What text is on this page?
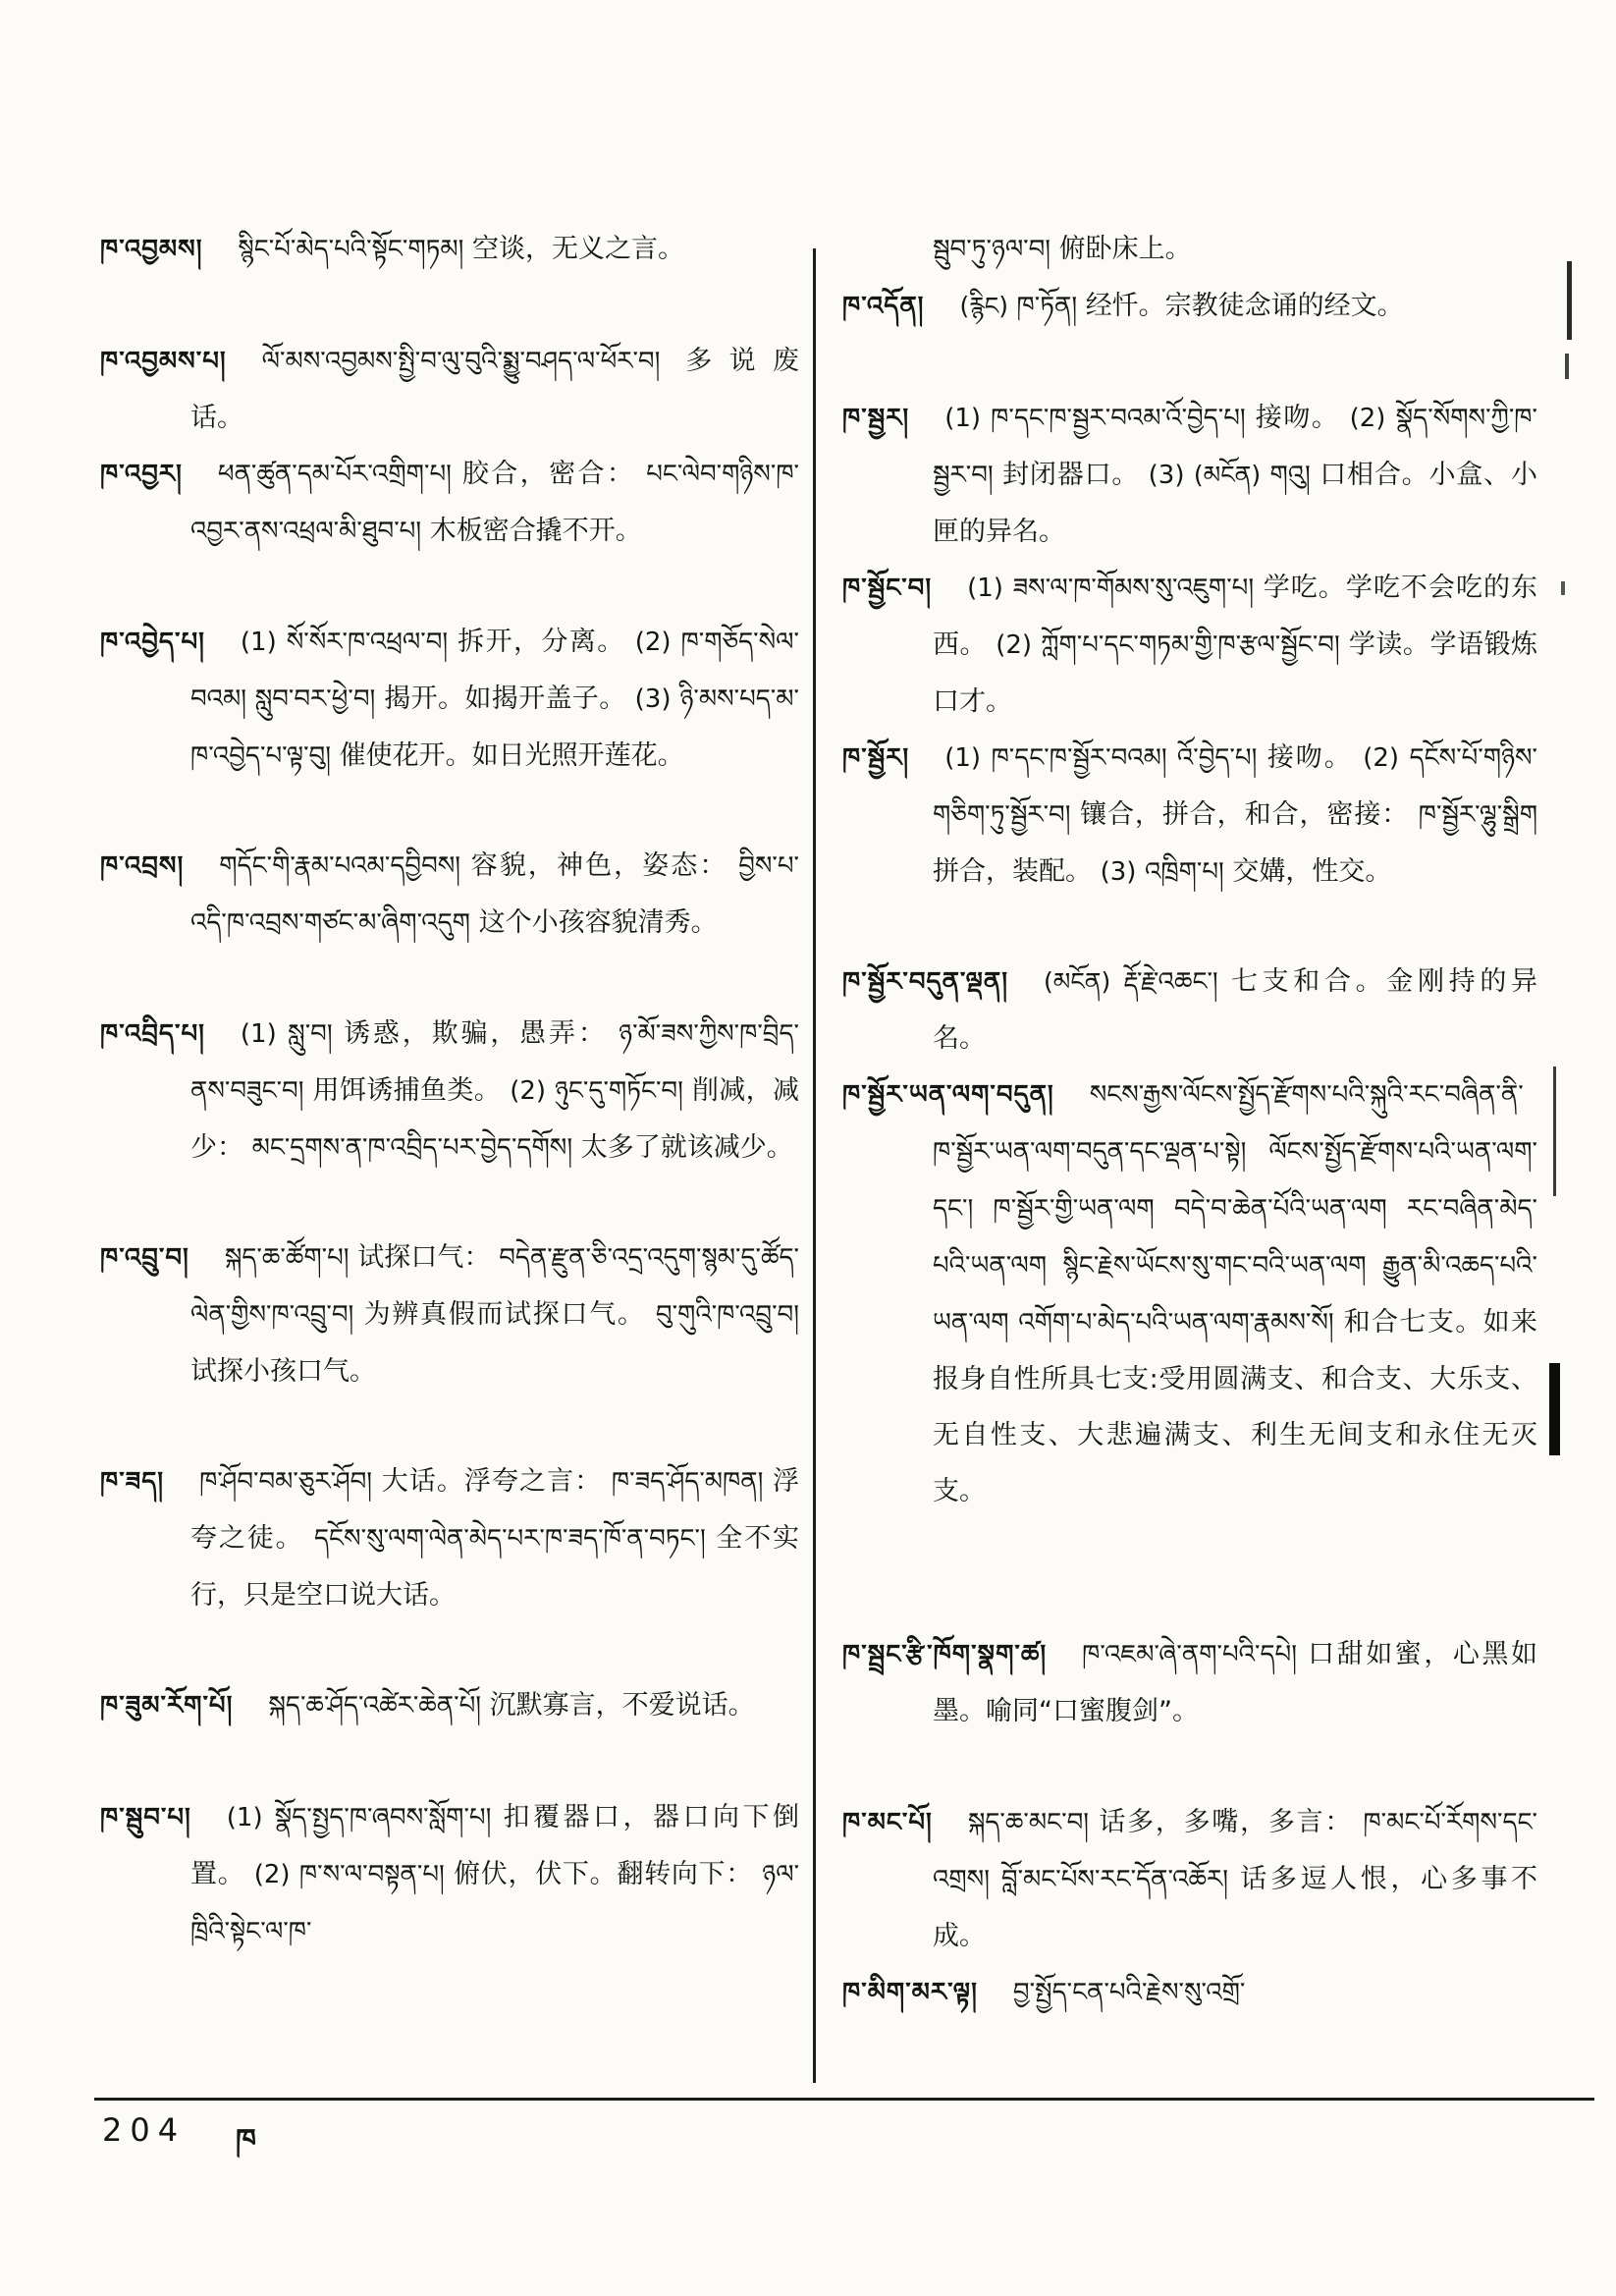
ཁ་འབྱམས། སྙིང་པོ་མེད་པའི་སྟོང་གཏམ། 空谈，无义之言。

ཁ་འབྱམས་པ། ལོ་མས་འབྱམས་སྤྱི་བ་ལུ་བུའི་སྨྱུ་བཤད་ལ་ཕོར་བ། 多说废话。

ཁ་འབྱར། ཕན་ཚུན་དམ་པོར་འགྲིག་པ། 胶合，密合： པང་ལེབ་གཉིས་ཁ་འབྱར་ནས་འཕྲལ་མི་ཐུབ་པ། 木板密合撬不开。

ཁ་འབྱེད་པ། (1) སོ་སོར་ཁ་འཕྲལ་བ། 拆开，分离。 (2) ཁ་གཅོད་སེལ་བའམ། སླུབ་བར་ཕྱེ་བ། 揭开。如揭开盖子。 (3) ཉི་མས་པད་མ་ཁ་འབྱེད་པ་ལྟ་བུ། 催使花开。如日光照开莲花。

ཁ་འབྲས། གདོང་གི་རྣམ་པའམ་དབྱིབས། 容貌，神色，姿态： བྱིས་པ་འདི་ཁ་འབྲས་གཙང་མ་ཞིག་འདུག 这个小孩容貌清秀。

ཁ་འབྲིད་པ། (1) སླུ་བ། 诱惑，欺骗，愚弄： ཉ་མོ་ཟས་ཀྱིས་ཁ་བྲིད་ནས་བཟུང་བ། 用饵诱捕鱼类。 (2) ཉུང་དུ་གཏོང་བ། 削减，减少： མང་དྲགས་ན་ཁ་འབྲིད་པར་བྱེད་དགོས། 太多了就该减少。

ཁ་འབྲུ་བ། སྐད་ཆ་ཚོག་པ། 试探口气： བདེན་རྫུན་ཅི་འདྲ་འདུག་སྙམ་དུ་ཚོད་ལེན་གྱིས་ཁ་འབྲུ་བ། 为辨真假而试探口气。 བུ་གུའི་ཁ་འབྲུ་བ། 试探小孩口气。

ཁ་ཟད། ཁ་ཤོབ་བམ་ཅུར་ཤོབ། 大话。浮夸之言： ཁ་ཟད་ཤོད་མཁན། 浮夸之徒。 དངོས་སུ་ལག་ལེན་མེད་པར་ཁ་ཟད་ཁོ་ན་བཏང་། 全不实行，只是空口说大话。

ཁ་ཟུམ་རོག་པོ། སྐད་ཆ་ཤོད་འཚེར་ཆེན་པོ། 沉默寡言，不爱说话。

ཁ་སྦུབ་པ། (1) སྣོད་སྤྱད་ཁ་ཞབས་སློག་པ། 扣覆器口，器口向下倒置。 (2) ཁ་ས་ལ་བསྟན་པ། 俯伏，伏下。翻转向下： ཉལ་ཁྲིའི་སྟེང་ལ་ཁ་

སྦུབ་ཏུ་ཉལ་བ། 俯卧床上。

ཁ་འདོན། (རྙིང) ཁ་ཏོན། 经忏。宗教徒念诵的经文。

ཁ་སྦྱར། (1) ཁ་དང་ཁ་སྦྱར་བའམ་འོ་བྱེད་པ། 接吻。 (2) སྣོད་སོགས་ཀྱི་ཁ་སྦྱར་བ། 封闭器口。 (3) (མངོན) གའུ། 口相合。小盒、小匣的异名。

ཁ་སྦྱོང་བ། (1) ཟས་ལ་ཁ་གོམས་སུ་འཇུག་པ། 学吃。学吃不会吃的东西。 (2) ཀློག་པ་དང་གཏམ་གྱི་ཁ་རྩལ་སྦྱོང་བ། 学读。学语锻炼口才。

ཁ་སྦྱོར། (1) ཁ་དང་ཁ་སྦྱོར་བའམ། འོ་བྱེད་པ། 接吻。 (2) དངོས་པོ་གཉིས་གཅིག་ཏུ་སྦྱོར་བ། 镶合，拼合，和合，密接： ཁ་སྦྱོར་ལྷུ་སྒྲིག 拼合，装配。 (3) འཁྲིག་པ། 交媾，性交。

ཁ་སྦྱོར་བདུན་ལྡན། (མངོན) རྡོ་རྗེ་འཆང་། 七支和合。金刚持的异名。

ཁ་སྦྱོར་ཡན་ལག་བདུན། སངས་རྒྱས་ལོངས་སྤྱོད་རྫོགས་པའི་སྐུའི་རང་བཞིན་ནི་ཁ་སྦྱོར་ཡན་ལག་བདུན་དང་ལྡན་པ་སྟེ། ལོངས་སྤྱོད་རྫོགས་པའི་ཡན་ལག་དང་། ཁ་སྦྱོར་གྱི་ཡན་ལག བདེ་བ་ཆེན་པོའི་ཡན་ལག རང་བཞིན་མེད་པའི་ཡན་ལག སྙིང་རྗེས་ཡོངས་སུ་གང་བའི་ཡན་ལག རྒྱུན་མི་འཆད་པའི་ཡན་ལག འགོག་པ་མེད་པའི་ཡན་ལག་རྣམས་སོ། 和合七支。如来报身自性所具七支:受用圆满支、和合支、大乐支、无自性支、大悲遍满支、利生无间支和永住无灭支。

ཁ་སྦྲང་རྩི་ཁོག་སྣག་ཚ། ཁ་འཇམ་ཞེ་ནག་པའི་དཔེ། 口甜如蜜，心黑如墨。喻同“口蜜腹剑”。

ཁ་མང་པོ། སྐད་ཆ་མང་བ། 话多，多嘴，多言： ཁ་མང་པོ་རོགས་དང་འགྲས། བློ་མང་པོས་རང་དོན་འཆོར། 话多逗人恨，心多事不成。

ཁ་མིག་མར་ལྟ། བྱ་སྤྱོད་ངན་པའི་རྗེས་སུ་འགྲོ་

204 ཁ
